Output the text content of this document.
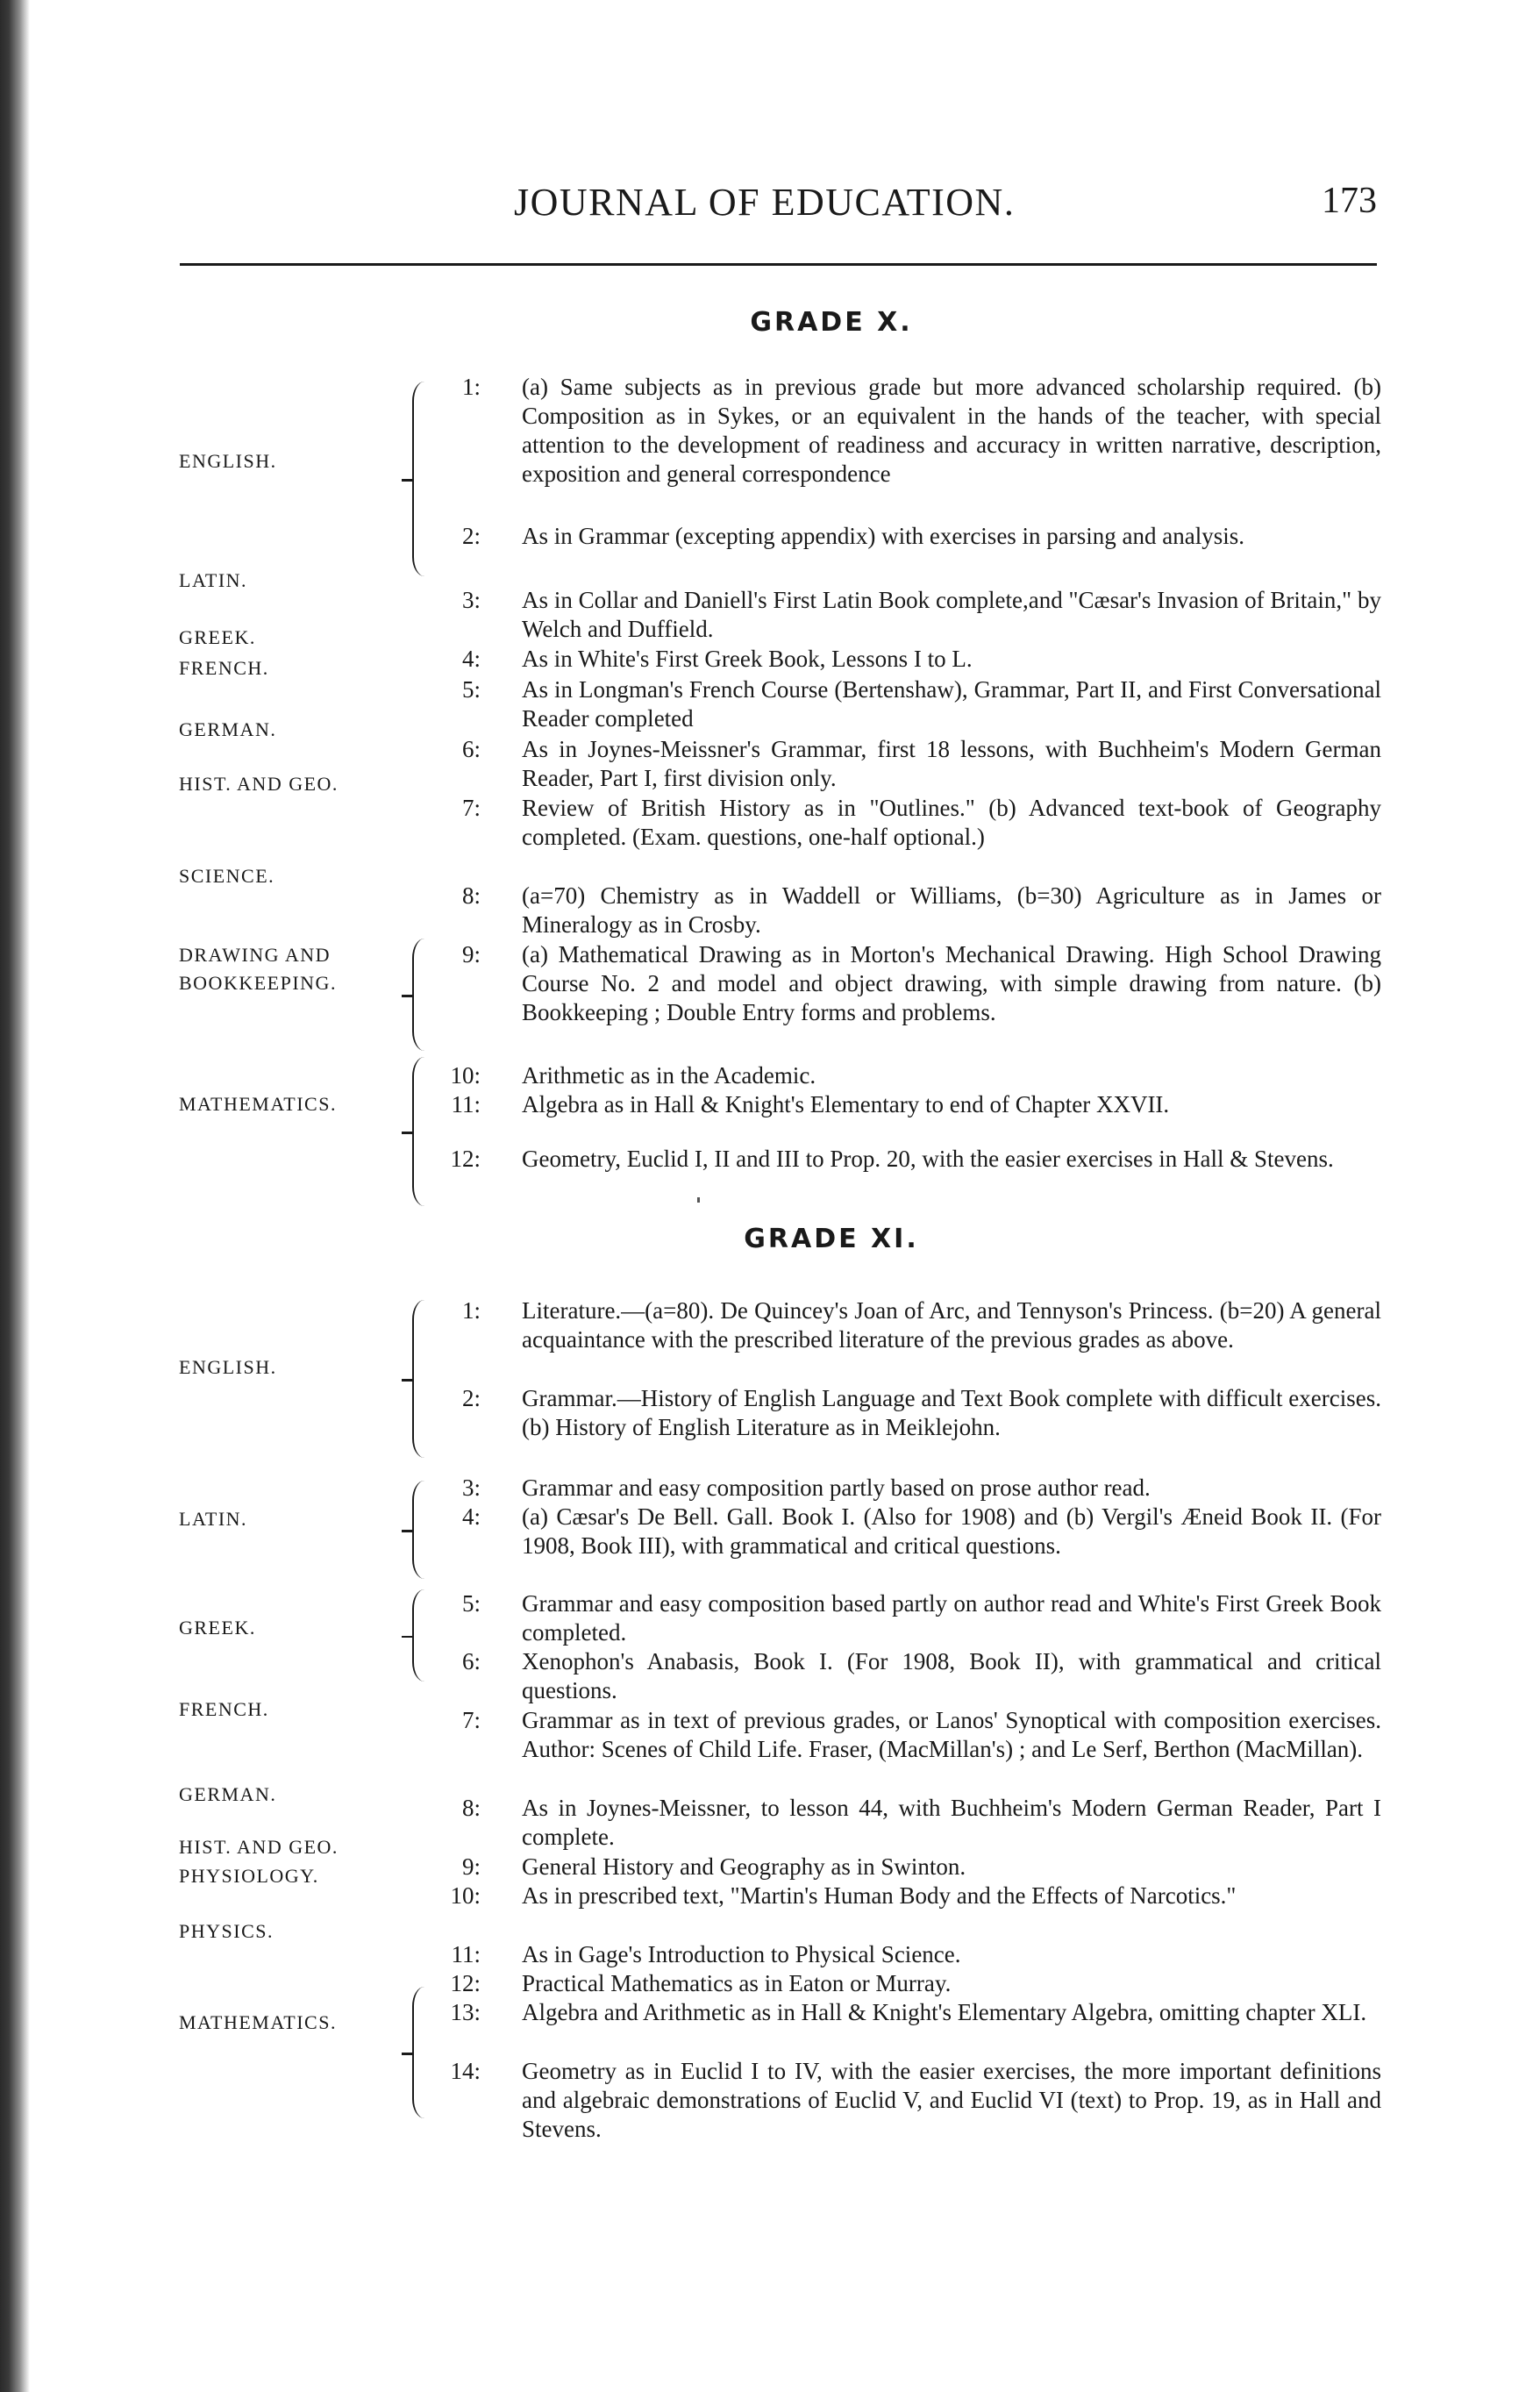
JOURNAL OF EDUCATION.	173
GRADE X.
ENGLISH.
LATIN.
GREEK.
FRENCH.
GERMAN.
HIST. AND GEO.
SCIENCE.
DRAWING AND
BOOKKEEPING.
MATHEMATICS.
1 : (a) Same subjects as in previous grade but more advanced scholarship required. (b) Composition as in Sykes, or an equivalent in the hands of the teacher, with special attention to the development of readiness and accuracy in written narrative, description, exposition and general correspondence
2 : As in Grammar (excepting appendix) with exercises in parsing and analysis.
3 : As in Collar and Daniell's First Latin Book complete,and "Cæsar's Invasion of Britain," by Welch and Duffield.
4 : As in White's First Greek Book, Lessons I to L.
5 : As in Longman's French Course (Bertenshaw), Grammar, Part II, and First Conversational Reader completed
6 : As in Joynes-Meissner's Grammar, first 18 lessons, with Buchheim's Modern German Reader, Part I, first division only.
7 : Review of British History as in "Outlines." (b) Advanced text-book of Geography completed. (Exam. questions, one-half optional.)
8 : (a=70) Chemistry as in Waddell or Williams, (b=30) Agriculture as in James or Mineralogy as in Crosby.
9 : (a) Mathematical Drawing as in Morton's Mechanical Drawing. High School Drawing Course No. 2 and model and object drawing, with simple drawing from nature. (b) Bookkeeping ; Double Entry forms and problems.
10 : Arithmetic as in the Academic.
11 : Algebra as in Hall & Knight's Elementary to end of Chapter XXVII.
12 : Geometry, Euclid I, II and III to Prop. 20, with the easier exercises in Hall & Stevens.
GRADE XI.
ENGLISH.
LATIN.
GREEK.
FRENCH.
GERMAN.
HIST. AND GEO.
PHYSIOLOGY.
PHYSICS.
MATHEMATICS.
1 : Literature.—(a=80). De Quincey's Joan of Arc, and Tennyson's Princess. (b=20) A general acquaintance with the prescribed literature of the previous grades as above.
2 : Grammar.—History of English Language and Text Book complete with difficult exercises. (b) History of English Literature as in Meiklejohn.
3 : Grammar and easy composition partly based on prose author read.
4 : (a) Cæsar's De Bell. Gall. Book I. (Also for 1908) and (b) Vergil's Æneid Book II. (For 1908, Book III), with grammatical and critical questions.
5 : Grammar and easy composition based partly on author read and White's First Greek Book completed.
6 : Xenophon's Anabasis, Book I. (For 1908, Book II), with grammatical and critical questions.
7 : Grammar as in text of previous grades, or Lanos' Synoptical with composition exercises. Author: Scenes of Child Life. Fraser, (MacMillan's) ; and Le Serf, Berthon (MacMillan).
8 : As in Joynes-Meissner, to lesson 44, with Buchheim's Modern German Reader, Part I complete.
9 : General History and Geography as in Swinton.
10 : As in prescribed text, "Martin's Human Body and the Effects of Narcotics."
11 : As in Gage's Introduction to Physical Science.
12 : Practical Mathematics as in Eaton or Murray.
13 : Algebra and Arithmetic as in Hall & Knight's Elementary Algebra, omitting chapter XLI.
14 : Geometry as in Euclid I to IV, with the easier exercises, the more important definitions and algebraic demonstrations of Euclid V, and Euclid VI (text) to Prop. 19, as in Hall and Stevens.
